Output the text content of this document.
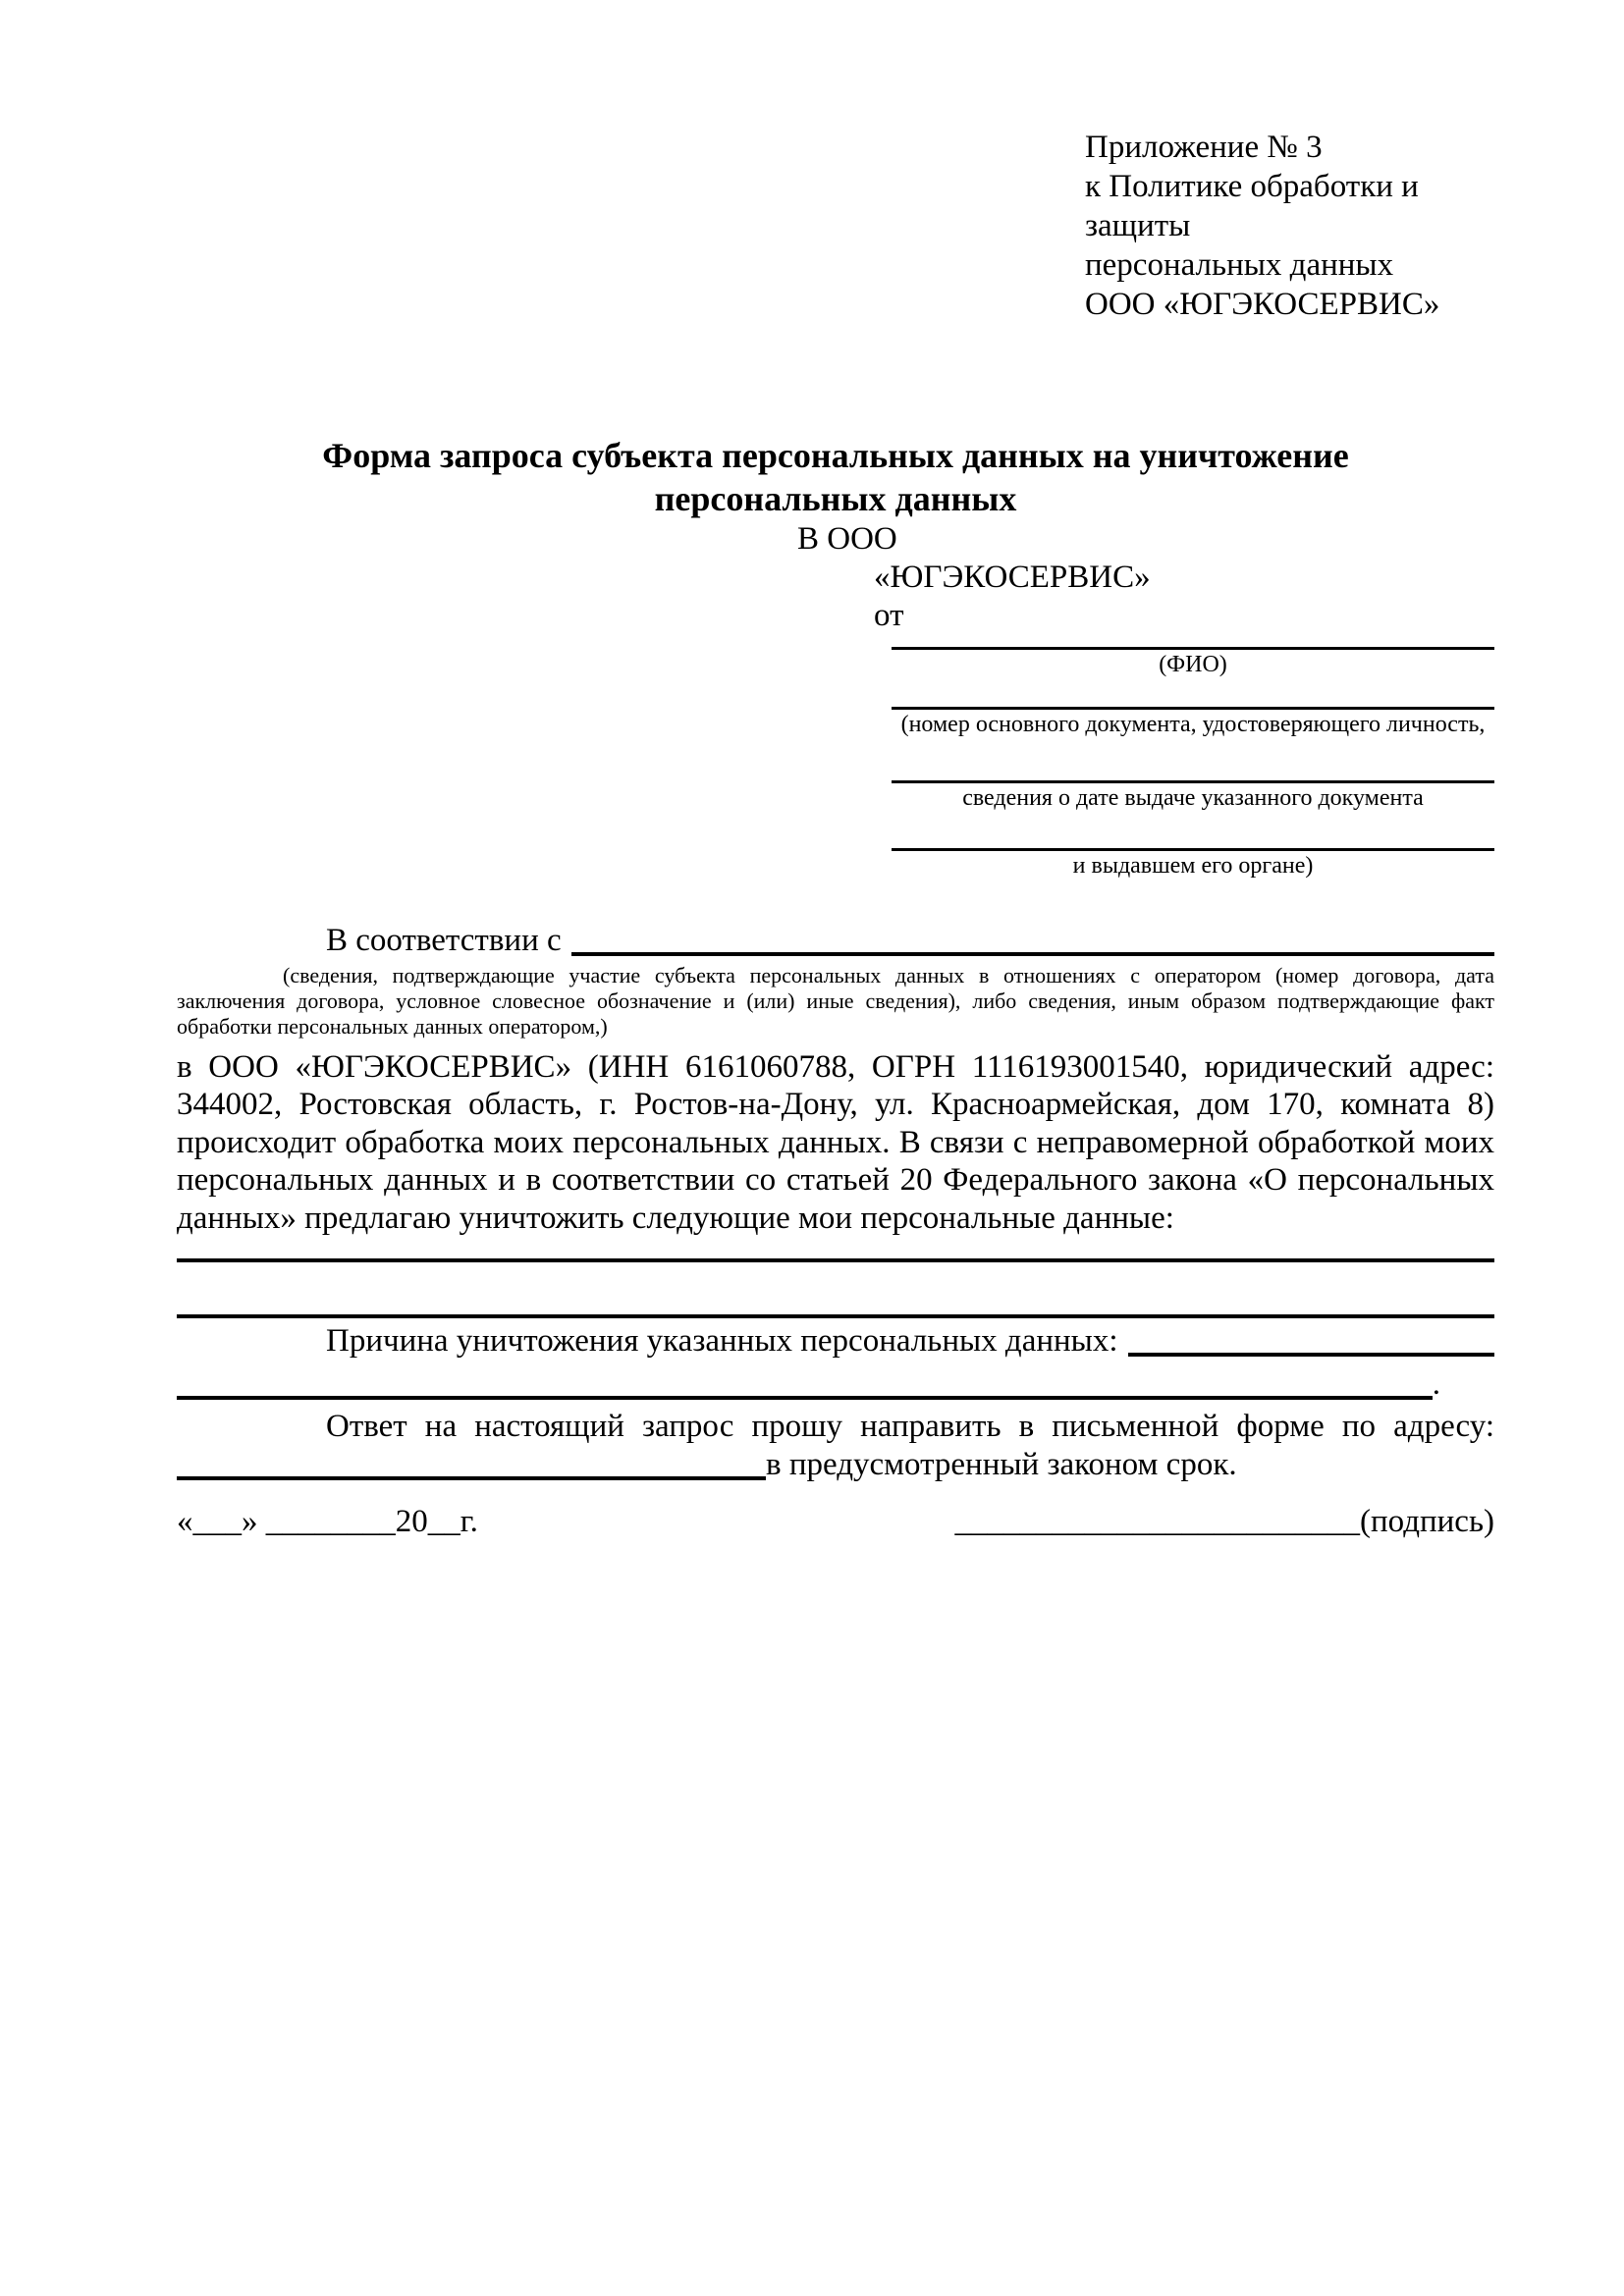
Приложение № 3
к Политике обработки и защиты
персональных данных
ООО «ЮГЭКОСЕРВИС»
Форма запроса субъекта персональных данных на уничтожение
персональных данных
В ООО
«ЮГЭКОСЕРВИС»
от
(ФИО)
(номер основного документа, удостоверяющего личность,
сведения о дате выдаче указанного документа
и выдавшем его органе)
В соответствии с
(сведения, подтверждающие участие субъекта персональных данных в отношениях с оператором (номер договора, дата заключения договора, условное словесное обозначение и (или) иные сведения), либо сведения, иным образом подтверждающие факт обработки персональных данных оператором,)
в ООО «ЮГЭКОСЕРВИС» (ИНН 6161060788, ОГРН 1116193001540, юридический адрес: 344002, Ростовская область, г. Ростов-на-Дону, ул. Красноармейская, дом 170, комната 8) происходит обработка моих персональных данных. В связи с неправомерной обработкой моих персональных данных и в соответствии со статьей 20 Федерального закона «О персональных данных» предлагаю уничтожить следующие мои персональные данные:
Причина уничтожения указанных персональных данных:
.
Ответ на настоящий запрос прошу направить в письменной форме по адресу:
в предусмотренный законом срок.
«___» ________20__г.	_________________________(подпись)
